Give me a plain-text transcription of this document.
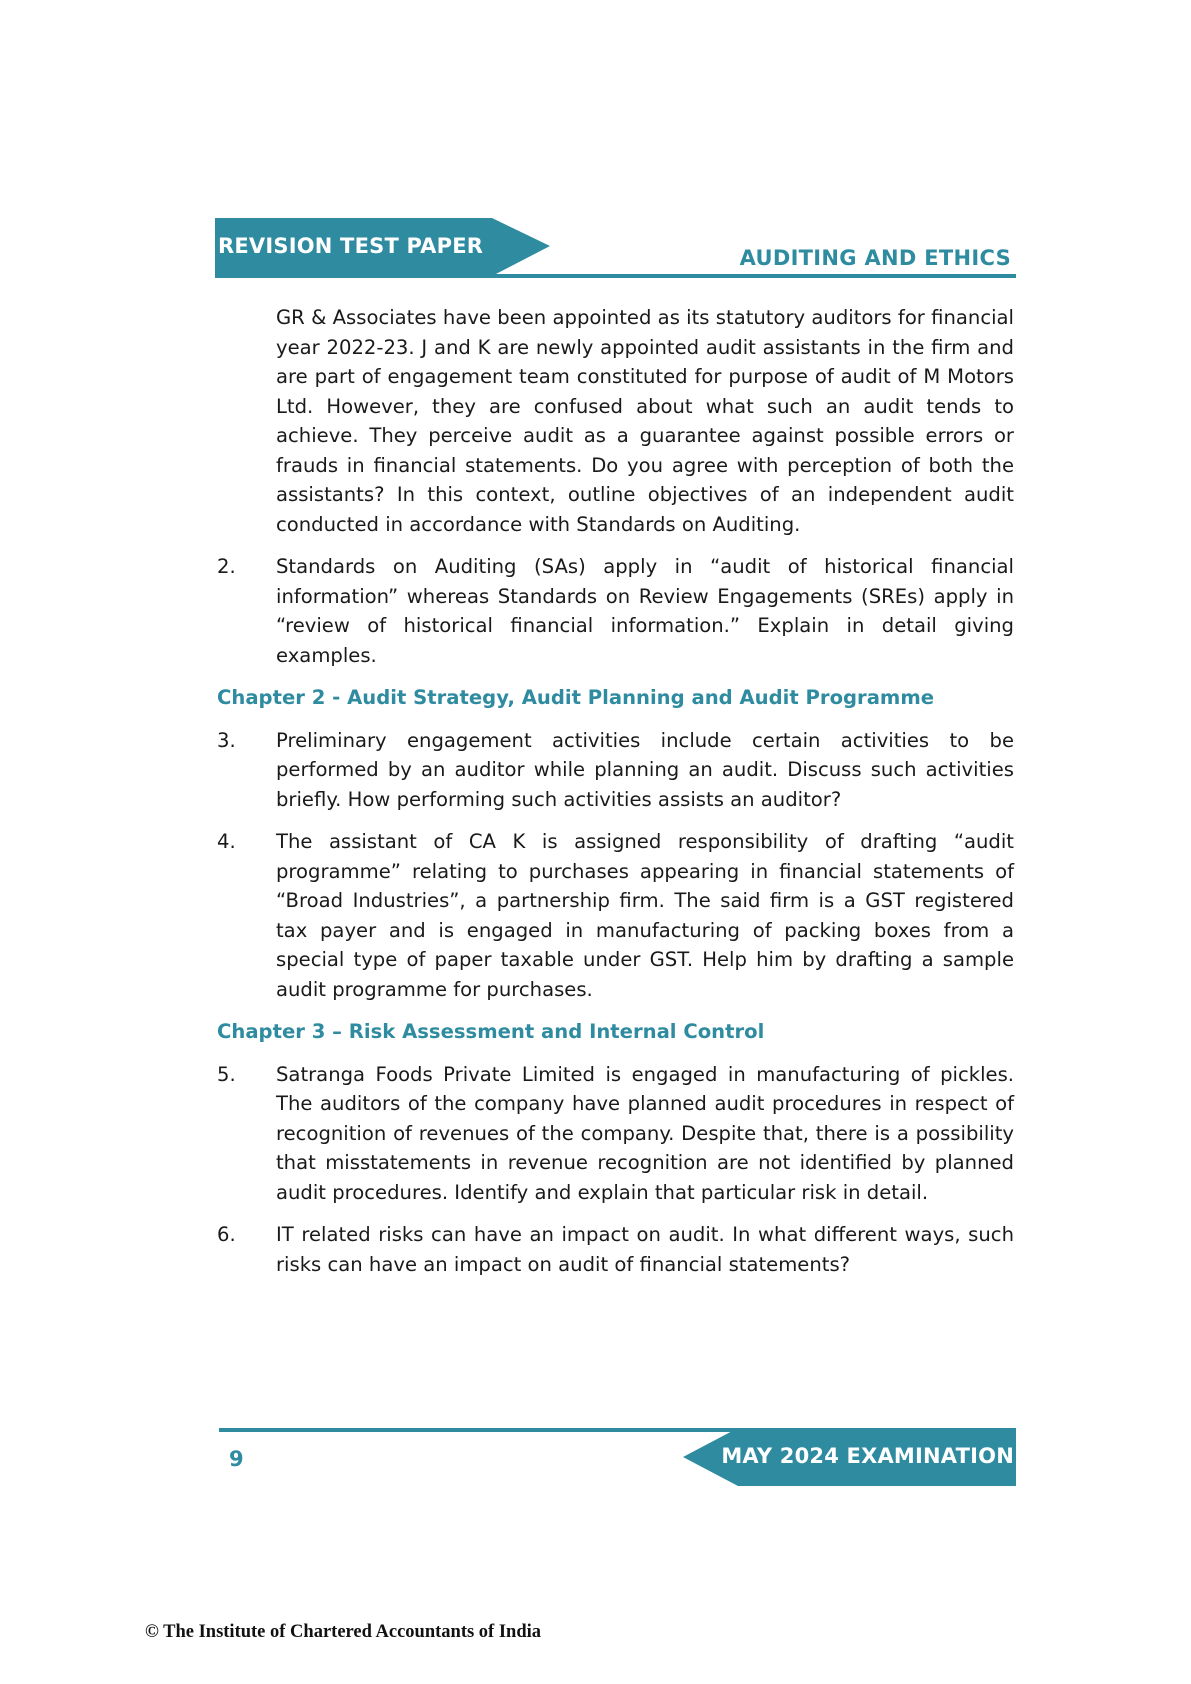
REVISION TEST PAPER	AUDITING AND ETHICS

GR & Associates have been appointed as its statutory auditors for financial year 2022-23. J and K are newly appointed audit assistants in the firm and are part of engagement team constituted for purpose of audit of M Motors Ltd. However, they are confused about what such an audit tends to achieve. They perceive audit as a guarantee against possible errors or frauds in financial statements. Do you agree with perception of both the assistants? In this context, outline objectives of an independent audit conducted in accordance with Standards on Auditing.

2.	Standards on Auditing (SAs) apply in “audit of historical financial information” whereas Standards on Review Engagements (SREs) apply in “review of historical financial information.” Explain in detail giving examples.

Chapter 2 - Audit Strategy, Audit Planning and Audit Programme
3.	Preliminary engagement activities include certain activities to be performed by an auditor while planning an audit. Discuss such activities briefly. How performing such activities assists an auditor?

4.	The assistant of CA K is assigned responsibility of drafting “audit programme” relating to purchases appearing in financial statements of “Broad Industries”, a partnership firm. The said firm is a GST registered tax payer and is engaged in manufacturing of packing boxes from a special type of paper taxable under GST. Help him by drafting a sample audit programme for purchases.

Chapter 3 – Risk Assessment and Internal Control
5.	Satranga Foods Private Limited is engaged in manufacturing of pickles. The auditors of the company have planned audit procedures in respect of recognition of revenues of the company. Despite that, there is a possibility that misstatements in revenue recognition are not identified by planned audit procedures. Identify and explain that particular risk in detail.

6.	IT related risks can have an impact on audit. In what different ways, such risks can have an impact on audit of financial statements?

MAY 2024 EXAMINATION
9
© The Institute of Chartered Accountants of India
